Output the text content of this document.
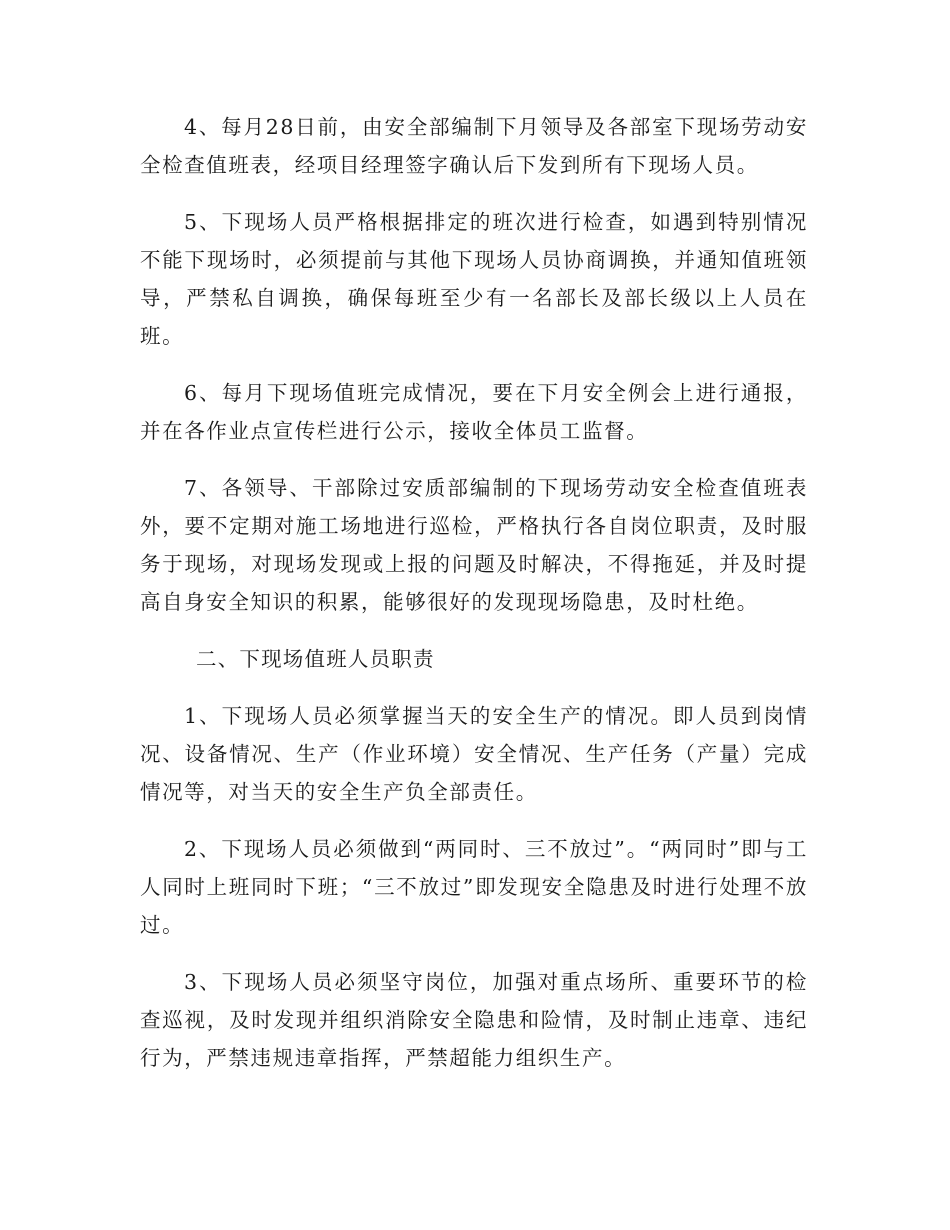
4、每月28日前，由安全部编制下月领导及各部室下现场劳动安全检查值班表，经项目经理签字确认后下发到所有下现场人员。

5、下现场人员严格根据排定的班次进行检查，如遇到特别情况不能下现场时，必须提前与其他下现场人员协商调换，并通知值班领导，严禁私自调换，确保每班至少有一名部长及部长级以上人员在班。

6、每月下现场值班完成情况，要在下月安全例会上进行通报，并在各作业点宣传栏进行公示，接收全体员工监督。

7、各领导、干部除过安质部编制的下现场劳动安全检查值班表外，要不定期对施工场地进行巡检，严格执行各自岗位职责，及时服务于现场，对现场发现或上报的问题及时解决，不得拖延，并及时提高自身安全知识的积累，能够很好的发现现场隐患，及时杜绝。

二、下现场值班人员职责

1、下现场人员必须掌握当天的安全生产的情况。即人员到岗情况、设备情况、生产（作业环境）安全情况、生产任务（产量）完成情况等，对当天的安全生产负全部责任。

2、下现场人员必须做到“两同时、三不放过”。“两同时”即与工人同时上班同时下班；“三不放过”即发现安全隐患及时进行处理不放过。

3、下现场人员必须坚守岗位，加强对重点场所、重要环节的检查巡视，及时发现并组织消除安全隐患和险情，及时制止违章、违纪行为，严禁违规违章指挥，严禁超能力组织生产。
